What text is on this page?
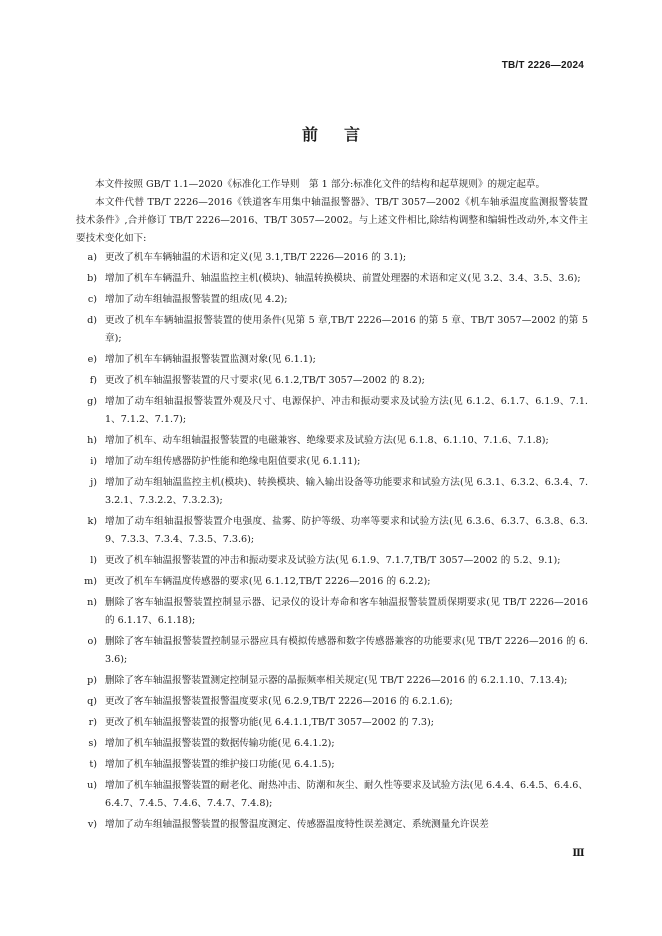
TB/T 2226—2024
前言

本文件按照 GB/T 1.1—2020《标准化工作导则　第 1 部分:标准化文件的结构和起草规则》的规定起草。

本文件代替 TB/T 2226—2016《铁道客车用集中轴温报警器》、TB/T 3057—2002《机车轴承温度监测报警装置技术条件》,合并修订 TB/T 2226—2016、TB/T 3057—2002。与上述文件相比,除结构调整和编辑性改动外,本文件主要技术变化如下:

a) 更改了机车车辆轴温的术语和定义(见 3.1,TB/T 2226—2016 的 3.1);
b) 增加了机车车辆温升、轴温监控主机(模块)、轴温转换模块、前置处理器的术语和定义(见 3.2、3.4、3.5、3.6);
c) 增加了动车组轴温报警装置的组成(见 4.2);
d) 更改了机车车辆轴温报警装置的使用条件(见第 5 章,TB/T 2226—2016 的第 5 章、TB/T 3057—2002 的第 5 章);
e) 增加了机车车辆轴温报警装置监测对象(见 6.1.1);
f) 更改了机车轴温报警装置的尺寸要求(见 6.1.2,TB/T 3057—2002 的 8.2);
g) 增加了动车组轴温报警装置外观及尺寸、电源保护、冲击和振动要求及试验方法(见 6.1.2、6.1.7、6.1.9、7.1.1、7.1.2、7.1.7);
h) 增加了机车、动车组轴温报警装置的电磁兼容、绝缘要求及试验方法(见 6.1.8、6.1.10、7.1.6、7.1.8);
i) 增加了动车组传感器防护性能和绝缘电阻值要求(见 6.1.11);
j) 增加了动车组轴温监控主机(模块)、转换模块、输入输出设备等功能要求和试验方法(见 6.3.1、6.3.2、6.3.4、7.3.2.1、7.3.2.2、7.3.2.3);
k) 增加了动车组轴温报警装置介电强度、盐雾、防护等级、功率等要求和试验方法(见 6.3.6、6.3.7、6.3.8、6.3.9、7.3.3、7.3.4、7.3.5、7.3.6);
l) 更改了机车轴温报警装置的冲击和振动要求及试验方法(见 6.1.9、7.1.7,TB/T 3057—2002 的 5.2、9.1);
m) 更改了机车车辆温度传感器的要求(见 6.1.12,TB/T 2226—2016 的 6.2.2);
n) 删除了客车轴温报警装置控制显示器、记录仪的设计寿命和客车轴温报警装置质保期要求(见 TB/T 2226—2016 的 6.1.17、6.1.18);
o) 删除了客车轴温报警装置控制显示器应具有模拟传感器和数字传感器兼容的功能要求(见 TB/T 2226—2016 的 6.3.6);
p) 删除了客车轴温报警装置测定控制显示器的晶振频率相关规定(见 TB/T 2226—2016 的 6.2.1.10、7.13.4);
q) 更改了客车轴温报警装置报警温度要求(见 6.2.9,TB/T 2226—2016 的 6.2.1.6);
r) 更改了机车轴温报警装置的报警功能(见 6.4.1.1,TB/T 3057—2002 的 7.3);
s) 增加了机车轴温报警装置的数据传输功能(见 6.4.1.2);
t) 增加了机车轴温报警装置的维护接口功能(见 6.4.1.5);
u) 增加了机车轴温报警装置的耐老化、耐热冲击、防潮和灰尘、耐久性等要求及试验方法(见 6.4.4、6.4.5、6.4.6、6.4.7、7.4.5、7.4.6、7.4.7、7.4.8);
v) 增加了动车组轴温报警装置的报警温度测定、传感器温度特性误差测定、系统测量允许误差
Ⅲ
